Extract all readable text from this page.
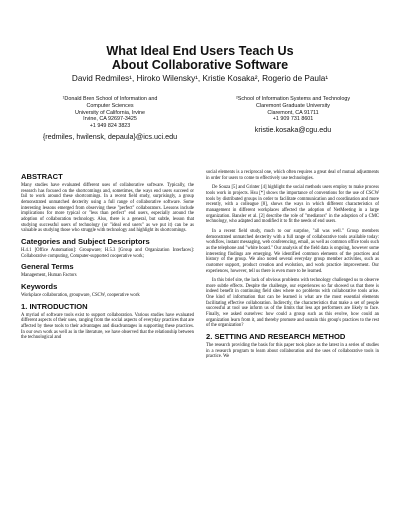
What Ideal End Users Teach Us
About Collaborative Software
David Redmiles¹, Hiroko Wilensky¹, Kristie Kosaka², Rogerio de Paula¹
¹Donald Bren School of Information and
Computer Sciences
University of California, Irvine
Irvine, CA 92697-3425
+1 949 824 3823
{redmiles, hwilensk, depaula}@ics.uci.edu
²School of Information Systems and Technology
Claremont Graduate University
Claremont, CA 91711
+1 909 731 8601
kristie.kosaka@cgu.edu
ABSTRACT

Many studies have evaluated different uses of collaborative software. Typically, the research has focused on the shortcomings and, sometimes, the ways end users succeed or fail to work around these shortcomings. In a recent field study, surprisingly, a group demonstrated unmatched dexterity using a full range of collaborative software. Some interesting lessons emerged from observing these "perfect" collaborators. Lessons include implications for more typical or "less than perfect" end users, especially around the adoption of collaboration technology. Also, there is a general, but subtle, lesson that studying successful users of technology (or "ideal end users" as we put it) can be as valuable as studying those who struggle with technology and highlight its shortcomings.

Categories and Subject Descriptors

H.4.1 [Office Automation]: Groupware; H.5.3 [Group and Organization Interfaces]: Collaborative computing, Computer-supported cooperative work;

General Terms

Management, Human Factors

Keywords

Workplace collaboration, groupware, CSCW, cooperative work

1. INTRODUCTION

A myriad of software tools exist to support collaboration. Various studies have evaluated different aspects of their uses, ranging from the social aspects of everyday practices that are affected by these tools to their advantages and disadvantages in supporting these practices. In our own work as well as in the literature, we have observed that the relationship between the technological and

social elements is a reciprocal one, which often requires a great deal of mutual adjustments in order for users to come to effectively use technologies.

De Souza [5] and Grinter [4] highlight the social methods users employ to make process tools work in projects. Hsu [*] shows the importance of conventions for the use of CSCW tools by distributed groups in order to facilitate communication and coordination and more recently, with a colleague [8], shows the ways in which different characteristics of management in different workplaces affected the adoption of NetMeeting in a large organization. Bansler et al. [2] describe the role of "mediators" in the adoption of a CMC technology, who adapted and modified it to fit the needs of end users.

In a recent field study, much to our surprise, "all was well." Group members demonstrated unmatched dexterity with a full range of collaborative tools available today: workflow, instant messaging, web conferencing, email, as well as common office tools such as the telephone and "white board." Our analysis of the field data is ongoing, however some interesting findings are emerging. We identified common elements of the practices and history of the group. We also noted several everyday group member activities, such as customer support, product creation and evolution, and work practice improvement. Our experiences, however, tell us there is even more to be learned.

In this brief site, the lack of obvious problems with technology challenged us to observe more subtle effects. Despite the challenge, our experiences so far showed us that there is indeed benefit in continuing field sites where no problems with collaborative tools arise. One kind of information that can be learned is what are the most essential elements facilitating effective collaboration. Indirectly, the characteristics that make a set of people successful at tool use inform us of the limits that less apt performers are likely to face. Finally, we asked ourselves: how could a group such as this evolve, how could an organization learn from it, and thereby promote and sustain this group's practices to the rest of the organization?

2. SETTING AND RESEARCH METHOD

The research providing the basis for this paper took place as the latest in a series of studies in a research program to learn about collaboration and the uses of collaborative tools in practice. We
